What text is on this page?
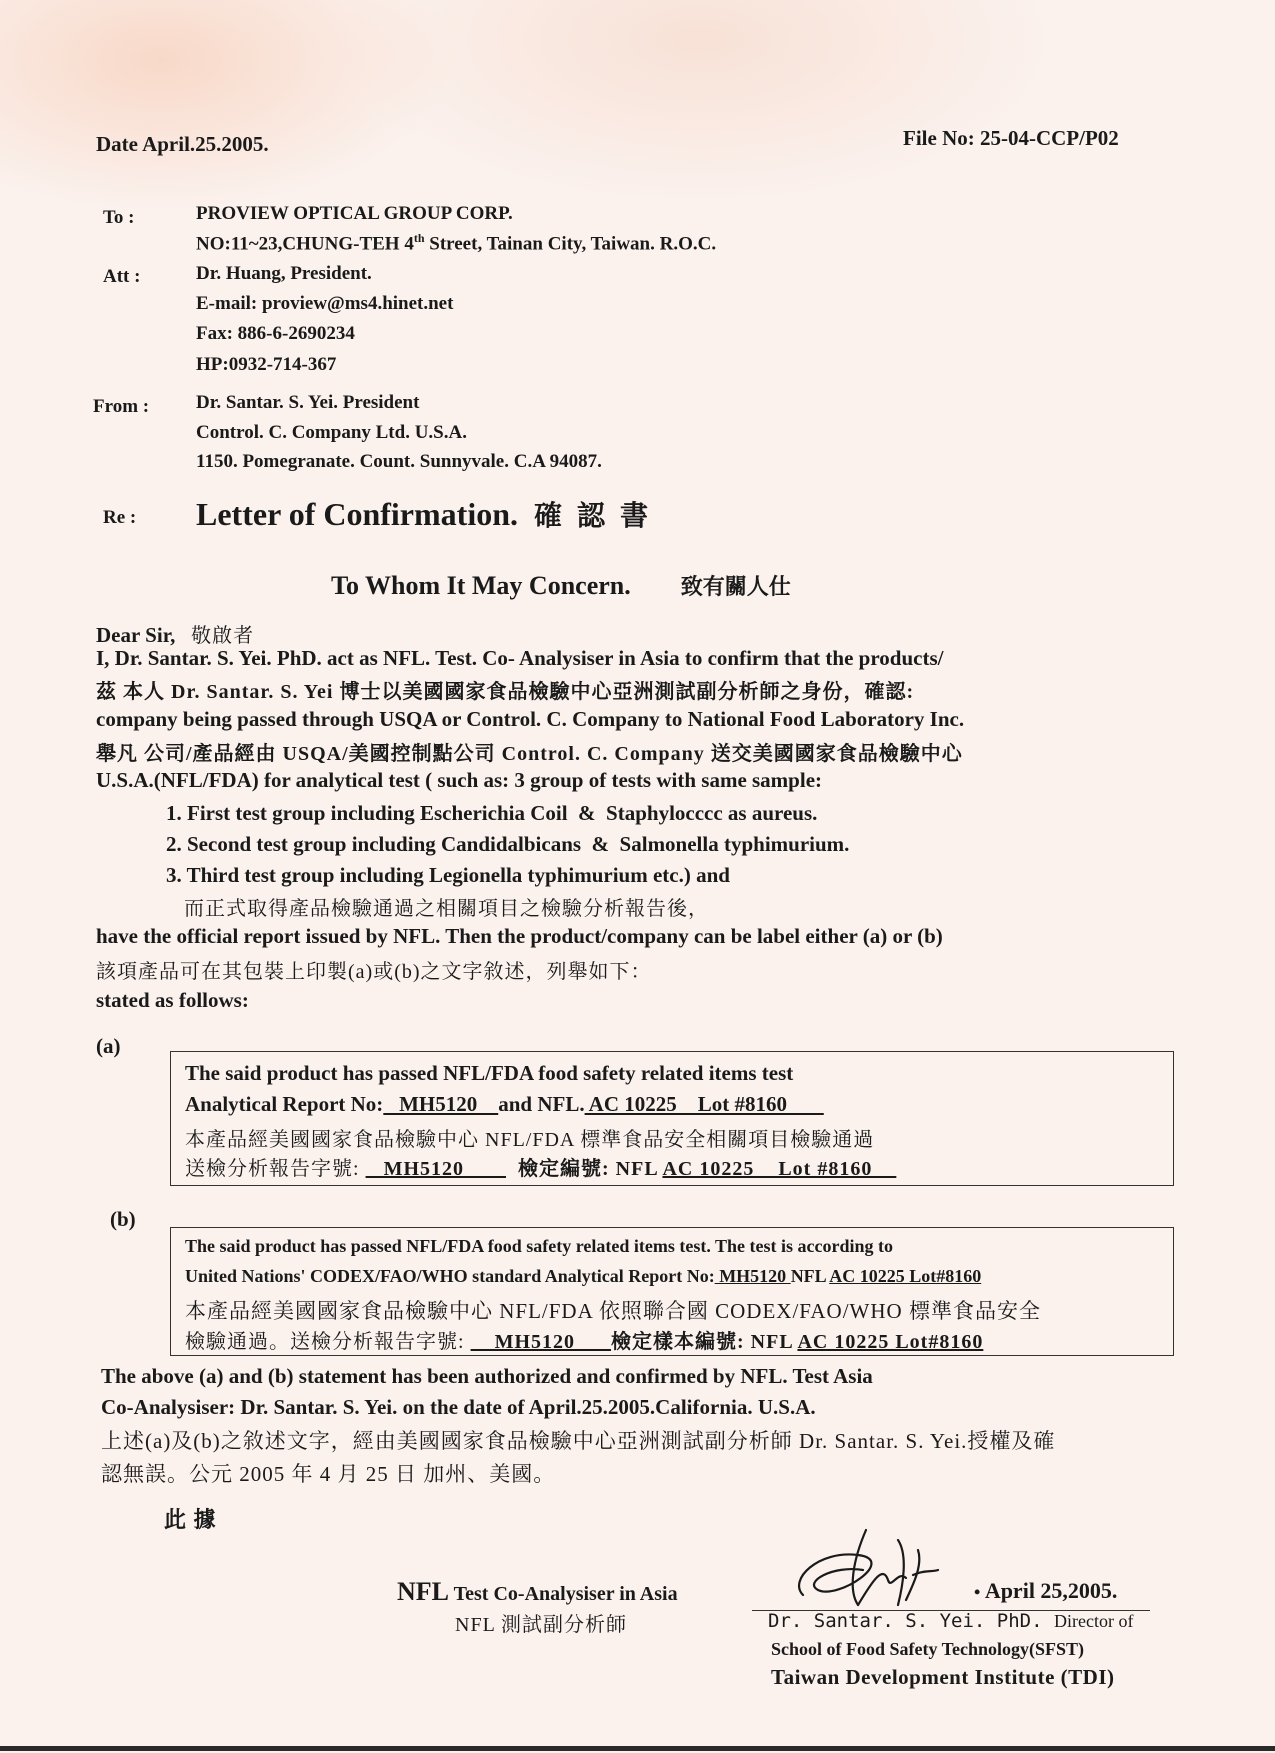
Date April.25.2005.	File No: 25-04-CCP/P02
To :	PROVIEW OPTICAL GROUP CORP.
NO:11~23,CHUNG-TEH 4th Street, Tainan City, Taiwan. R.O.C.
Att :	Dr. Huang, President.
E-mail: proview@ms4.hinet.net
Fax: 886-6-2690234
HP:0932-714-367
From : Dr. Santar. S. Yei. President
Control. C. Company Ltd. U.S.A.
1150. Pomegranate. Count. Sunnyvale. C.A 94087.
Re : Letter of Confirmation. 確 認 書
To Whom It May Concern. 致有關人仕
Dear Sir, 敬啟者
I, Dr. Santar. S. Yei. PhD. act as NFL. Test. Co- Analysiser in Asia to confirm that the products/
茲 本人 Dr. Santar. S. Yei 博士以美國國家食品檢驗中心亞洲測試副分析師之身份，確認:
company being passed through USQA or Control. C. Company to National Food Laboratory Inc.
舉凡 公司/產品經由 USQA/美國控制點公司 Control. C. Company 送交美國國家食品檢驗中心
U.S.A.(NFL/FDA) for analytical test ( such as: 3 group of tests with same sample:
1. First test group including Escherichia Coil  &  Staphylocccc as aureus.
2. Second test group including Candidalbicans  &  Salmonella typhimurium.
3. Third test group including Legionella typhimurium etc.) and
而正式取得產品檢驗通過之相關項目之檢驗分析報告後，
have the official report issued by NFL. Then the product/company can be label either (a) or (b)
該項產品可在其包裝上印製(a)或(b)之文字敘述，列舉如下：
stated as follows:
(a)
The said product has passed NFL/FDA food safety related items test
Analytical Report No:   MH5120    and NFL. AC 10225    Lot #8160
本產品經美國國家食品檢驗中心 NFL/FDA 標準食品安全相關項目檢驗通過
送檢分析報告字號:    MH5120         檢定編號: NFL AC 10225    Lot #8160
(b)
The said product has passed NFL/FDA food safety related items test. The test is according to
United Nations' CODEX/FAO/WHO standard Analytical Report No: MH5120 NFL AC 10225 Lot#8160
本產品經美國國家食品檢驗中心 NFL/FDA 依照聯合國 CODEX/FAO/WHO 標準食品安全
檢驗通過。送檢分析報告字號:     MH5120      檢定樣本編號: NFL AC 10225 Lot#8160
The above (a) and (b) statement has been authorized and confirmed by NFL. Test Asia
Co-Analysiser: Dr. Santar. S. Yei. on the date of April.25.2005.California. U.S.A.
上述(a)及(b)之敘述文字，經由美國國家食品檢驗中心亞洲測試副分析師 Dr. Santar. S. Yei.授權及確
認無誤。公元 2005 年 4 月 25 日 加州、美國。
此 據
NFL Test Co-Analysiser in Asia
NFL 測試副分析師
• April 25,2005.
Dr. Santar. S. Yei. PhD. Director of
School of Food Safety Technology(SFST)
Taiwan Development Institute (TDI)
